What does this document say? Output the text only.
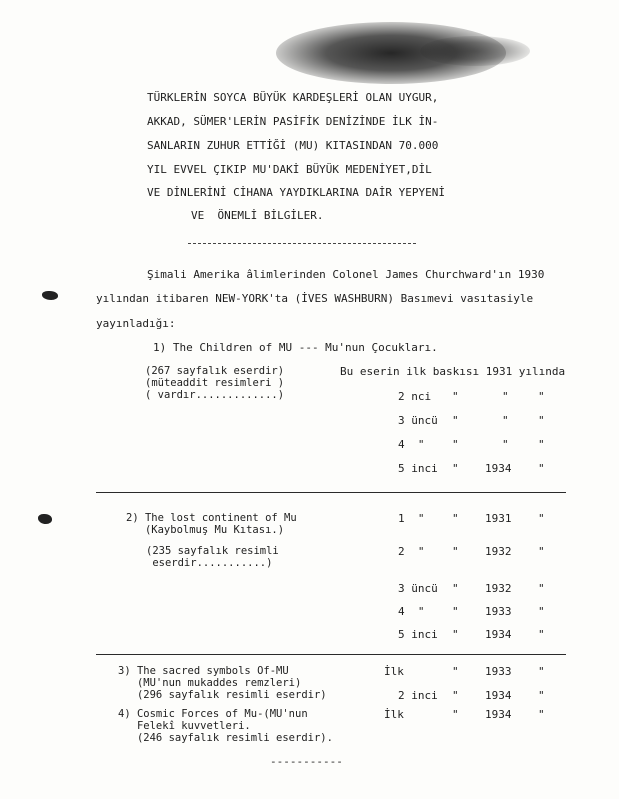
TÜRKLERİN SOYCA BÜYÜK KARDEŞLERİ OLAN UYGUR,
AKKAD, SÜMER'LERİN PASİFİK DENİZİNDE İLK İN-
SANLARIN ZUHUR ETTİĞİ (MU) KITASINDAN 70.000
YIL EVVEL ÇIKIP MU'DAKİ BÜYÜK MEDENİYET,DİL
VE DİNLERİNİ CİHANA YAYDIKLARINA DAİR YEPYENİ
VE  ÖNEMLİ BİLGİLER.
Şimali Amerika âlimlerinden Colonel James Churchward'ın 1930
yılından itibaren NEW-YORK'ta (İVES WASHBURN) Basımevi vasıtasiyle
yayınladığı:
1) The Children of MU --- Mu'nun Çocukları.
(267 sayfalık eserdir)
(müteaddit resimleri )
( vardır.............)
Bu eserin ilk baskısı 1931 yılında
2 nci "	"	"
3 üncü "	"	"
4  "	"	"	"
5 inci " 1934 "
2) The lost continent of Mu
(Kaybolmuş Mu Kıtası.)
(235 sayfalık resimli
eserdir...........)
1  "	" 1931 "
2  "	" 1932 "
3 üncü " 1932 "
4  "	" 1933 "
5 inci " 1934 "
3) The sacred symbols Of-MU
(MU'nun mukaddes remzleri)
(296 sayfalık resimli eserdir)
İlk	" 1933 "
2 inci " 1934 "
4) Cosmic Forces of Mu-(MU'nun
Felekî kuvvetleri.
(246 sayfalık resimli eserdir).
İlk	" 1934 "
-----------
